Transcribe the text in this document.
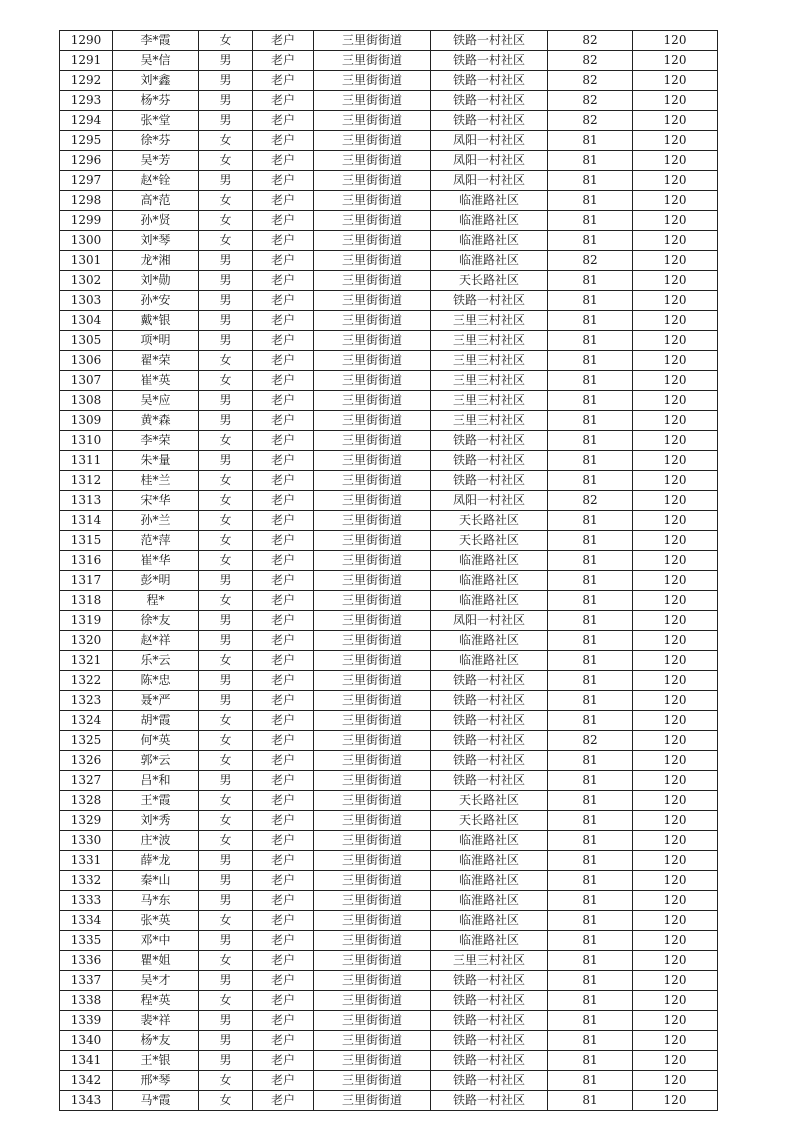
1290	李*霞	女	老户	三里街街道	铁路一村社区	82	120
1291	吴*信	男	老户	三里街街道	铁路一村社区	82	120
1292	刘*鑫	男	老户	三里街街道	铁路一村社区	82	120
1293	杨*芬	男	老户	三里街街道	铁路一村社区	82	120
1294	张*堂	男	老户	三里街街道	铁路一村社区	82	120
1295	徐*芬	女	老户	三里街街道	凤阳一村社区	81	120
1296	吴*芳	女	老户	三里街街道	凤阳一村社区	81	120
1297	赵*铨	男	老户	三里街街道	凤阳一村社区	81	120
1298	高*范	女	老户	三里街街道	临淮路社区	81	120
1299	孙*贤	女	老户	三里街街道	临淮路社区	81	120
1300	刘*琴	女	老户	三里街街道	临淮路社区	81	120
1301	龙*湘	男	老户	三里街街道	临淮路社区	82	120
1302	刘*勋	男	老户	三里街街道	天长路社区	81	120
1303	孙*安	男	老户	三里街街道	铁路一村社区	81	120
1304	戴*银	男	老户	三里街街道	三里三村社区	81	120
1305	项*明	男	老户	三里街街道	三里三村社区	81	120
1306	翟*荣	女	老户	三里街街道	三里三村社区	81	120
1307	崔*英	女	老户	三里街街道	三里三村社区	81	120
1308	吴*应	男	老户	三里街街道	三里三村社区	81	120
1309	黄*森	男	老户	三里街街道	三里三村社区	81	120
1310	李*荣	女	老户	三里街街道	铁路一村社区	81	120
1311	朱*量	男	老户	三里街街道	铁路一村社区	81	120
1312	桂*兰	女	老户	三里街街道	铁路一村社区	81	120
1313	宋*华	女	老户	三里街街道	凤阳一村社区	82	120
1314	孙*兰	女	老户	三里街街道	天长路社区	81	120
1315	范*萍	女	老户	三里街街道	天长路社区	81	120
1316	崔*华	女	老户	三里街街道	临淮路社区	81	120
1317	彭*明	男	老户	三里街街道	临淮路社区	81	120
1318	程*	女	老户	三里街街道	临淮路社区	81	120
1319	徐*友	男	老户	三里街街道	凤阳一村社区	81	120
1320	赵*祥	男	老户	三里街街道	临淮路社区	81	120
1321	乐*云	女	老户	三里街街道	临淮路社区	81	120
1322	陈*忠	男	老户	三里街街道	铁路一村社区	81	120
1323	聂*严	男	老户	三里街街道	铁路一村社区	81	120
1324	胡*霞	女	老户	三里街街道	铁路一村社区	81	120
1325	何*英	女	老户	三里街街道	铁路一村社区	82	120
1326	郭*云	女	老户	三里街街道	铁路一村社区	81	120
1327	吕*和	男	老户	三里街街道	铁路一村社区	81	120
1328	王*霞	女	老户	三里街街道	天长路社区	81	120
1329	刘*秀	女	老户	三里街街道	天长路社区	81	120
1330	庄*波	女	老户	三里街街道	临淮路社区	81	120
1331	薛*龙	男	老户	三里街街道	临淮路社区	81	120
1332	秦*山	男	老户	三里街街道	临淮路社区	81	120
1333	马*东	男	老户	三里街街道	临淮路社区	81	120
1334	张*英	女	老户	三里街街道	临淮路社区	81	120
1335	邓*中	男	老户	三里街街道	临淮路社区	81	120
1336	瞿*姐	女	老户	三里街街道	三里三村社区	81	120
1337	吴*才	男	老户	三里街街道	铁路一村社区	81	120
1338	程*英	女	老户	三里街街道	铁路一村社区	81	120
1339	裴*祥	男	老户	三里街街道	铁路一村社区	81	120
1340	杨*友	男	老户	三里街街道	铁路一村社区	81	120
1341	王*银	男	老户	三里街街道	铁路一村社区	81	120
1342	邢*琴	女	老户	三里街街道	铁路一村社区	81	120
1343	马*霞	女	老户	三里街街道	铁路一村社区	81	120
